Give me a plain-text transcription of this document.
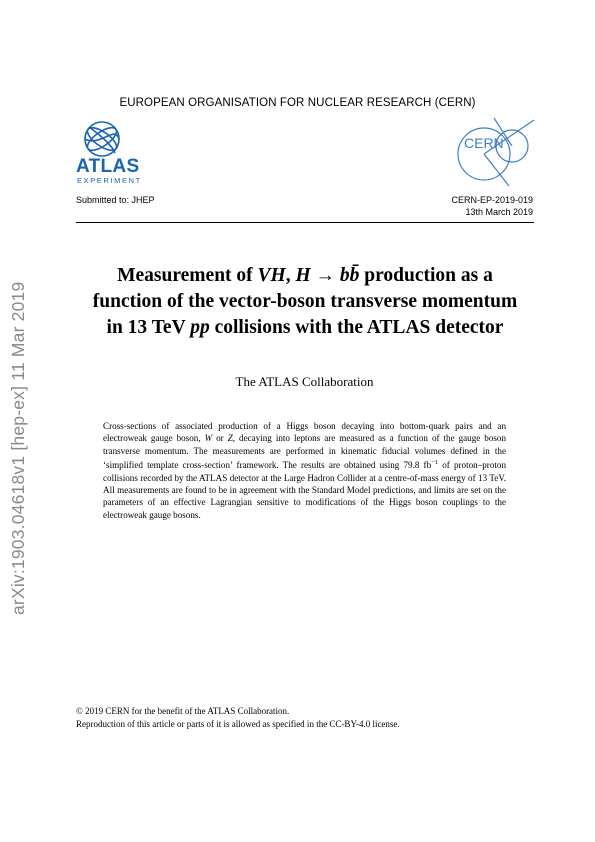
EUROPEAN ORGANISATION FOR NUCLEAR RESEARCH (CERN)
ATLAS
EXPERIMENT
CERN
Submitted to: JHEP	CERN-EP-2019-019
13th March 2019
arXiv:1903.04618v1 [hep-ex] 11 Mar 2019
Measurement of VH, H → bb̄ production as a
function of the vector-boson transverse momentum
in 13 TeV pp collisions with the ATLAS detector
The ATLAS Collaboration
Cross-sections of associated production of a Higgs boson decaying into bottom-quark pairs and an electroweak gauge boson, W or Z, decaying into leptons are measured as a function of the gauge boson transverse momentum. The measurements are performed in kinematic fiducial volumes defined in the ‘simplified template cross-section’ framework. The results are obtained using 79.8 $fb^{-1}$ of proton–proton collisions recorded by the ATLAS detector at the Large Hadron Collider at a centre-of-mass energy of 13 TeV. All measurements are found to be in agreement with the Standard Model predictions, and limits are set on the parameters of an effective Lagrangian sensitive to modifications of the Higgs boson couplings to the electroweak gauge bosons.
© 2019 CERN for the benefit of the ATLAS Collaboration.
Reproduction of this article or parts of it is allowed as specified in the CC-BY-4.0 license.
